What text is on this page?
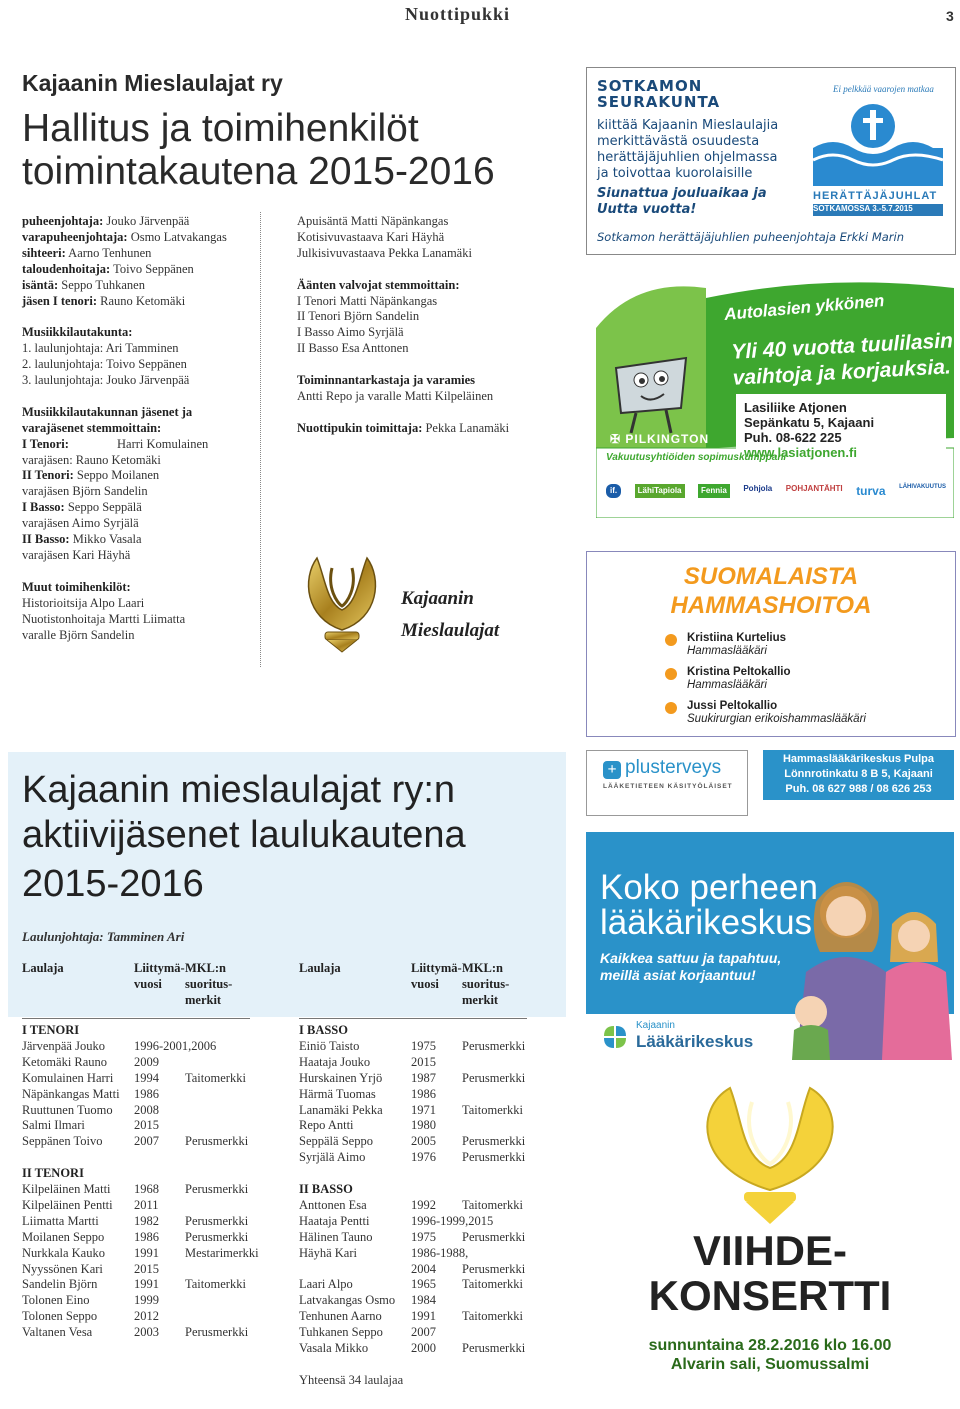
Nuottipukki	3
Kajaanin Mieslaulajat ry
Hallitus ja toimihenkilöt
toimintakautena 2015-2016
puheenjohtaja: Jouko Järvenpää
varapuheenjohtaja: Osmo Latvakangas
sihteeri: Aarno Tenhunen
taloudenhoitaja: Toivo Seppänen
isäntä: Seppo Tuhkanen
jäsen I tenori: Rauno Ketomäki
Musiikkilautakunta:
1. laulunjohtaja: Ari Tamminen
2. laulunjohtaja: Toivo Seppänen
3. laulunjohtaja: Jouko Järvenpää
Musiikkilautakunnan jäsenet ja
varajäsenet stemmoittain:
I Tenori:	Harri Komulainen
varajäsen: Rauno Ketomäki
II Tenori: Seppo Moilanen
varajäsen Björn Sandelin
I Basso: Seppo Seppälä
varajäsen Aimo Syrjälä
II Basso: Mikko Vasala
varajäsen Kari Häyhä
Muut toimihenkilöt:
Historioitsija Alpo Laari
Nuotistonhoitaja Martti Liimatta
varalle Björn Sandelin
Apuisäntä Matti Näpänkangas
Kotisivuvastaava Kari Häyhä
Julkisivuvastaava Pekka Lanamäki
Äänten valvojat stemmoittain:
I Tenori Matti Näpänkangas
II Tenori Björn Sandelin
I Basso Aimo Syrjälä
II Basso Esa Anttonen
Toiminnantarkastaja ja varamies
Antti Repo ja varalle Matti Kilpeläinen
Nuottipukin toimittaja: Pekka Lanamäki
Kajaanin
Mieslaulajat
Kajaanin mieslaulajat ry:n
aktiivijäsenet laulukautena
2015-2016
Laulunjohtaja: Tamminen Ari
Laulaja	Liittymä-MKL:n
vuosi suoritus-
merkit
Laulaja	Liittymä-MKL:n
vuosi suoritus-
merkit
I TENORI
Järvenpää Jouko 1996-2001,2006
Ketomäki Rauno 2009
Komulainen Harri 1994 Taitomerkki
Näpänkangas Matti 1986
Ruuttunen Tuomo 2008
Salmi Ilmari	2015
Seppänen Toivo	2007 Perusmerkki
II TENORI
Kilpeläinen Matti 1968 Perusmerkki
Kilpeläinen Pentti 2011
Liimatta Martti	1982 Perusmerkki
Moilanen Seppo 1986 Perusmerkki
Nurkkala Kauko 1991 Mestarimerkki
Nyyssönen Kari 2015
Sandelin Björn	1991 Taitomerkki
Tolonen Eino	1999
Tolonen Seppo	2012
Valtanen Vesa	2003 Perusmerkki
I BASSO
Einiö Taisto	1975 Perusmerkki
Haataja Jouko	2015
Hurskainen Yrjö 1987 Perusmerkki
Härmä Tuomas	1986
Lanamäki Pekka 1971 Taitomerkki
Repo Antti	1980
Seppälä Seppo	2005 Perusmerkki
Syrjälä Aimo	1976 Perusmerkki
II BASSO
Anttonen Esa	1992 Taitomerkki
Haataja Pentti	1996-1999,2015
Hälinen Tauno	1975 Perusmerkki
Häyhä Kari	1986-1988,
2004 Perusmerkki
Laari Alpo	1965 Taitomerkki
Latvakangas Osmo 1984
Tenhunen Aarno 1991 Taitomerkki
Tuhkanen Seppo 2007
Vasala Mikko	2000 Perusmerkki
Yhteensä 34 laulajaa
SOTKAMON
SEURAKUNTA
kiittää Kajaanin Mieslaulajia
merkittävästä osuudesta
herättäjäjuhlien ohjelmassa
ja toivottaa kuorolaisille
Siunattua jouluaikaa ja
Uutta vuotta!
Ei pelkkää vaarojen matkaa
HERÄTTÄJÄJUHLAT
SOTKAMOSSA 3.-5.7.2015
Sotkamon herättäjäjuhlien puheenjohtaja Erkki Marin
Autolasien ykkönen
Yli 40 vuotta tuulilasin
vaihtoja ja korjauksia.
Lasiliike Atjonen
Sepänkatu 5, Kajaani
Puh. 08-622 225
www.lasiatjonen.fi
✠ PILKINGTON
Vakuutusyhtiöiden sopimuskumppani
if.	LähiTapiola	Fennia	Pohjola POHJANTÄHTI turva LÄHIVAKUUTUS
SUOMALAISTA
HAMMASHOITOA
Kristiina Kurtelius
Hammaslääkäri
Kristina Peltokallio
Hammaslääkäri
Jussi Peltokallio
Suukirurgian erikoishammaslääkäri
+ plusterveys
LÄÄKETIETEEN KÄSITYÖLÄISET
Hammaslääkärikeskus Pulpa
Lönnrotinkatu 8 B 5, Kajaani
Puh. 08 627 988 / 08 626 253
Koko perheen
lääkärikeskus
Kaikkea sattuu ja tapahtuu,
meillä asiat korjaantuu!
Kajaanin
Lääkärikeskus
VIIHDE-
KONSERTTI
sunnuntaina 28.2.2016 klo 16.00
Alvarin sali, Suomussalmi
